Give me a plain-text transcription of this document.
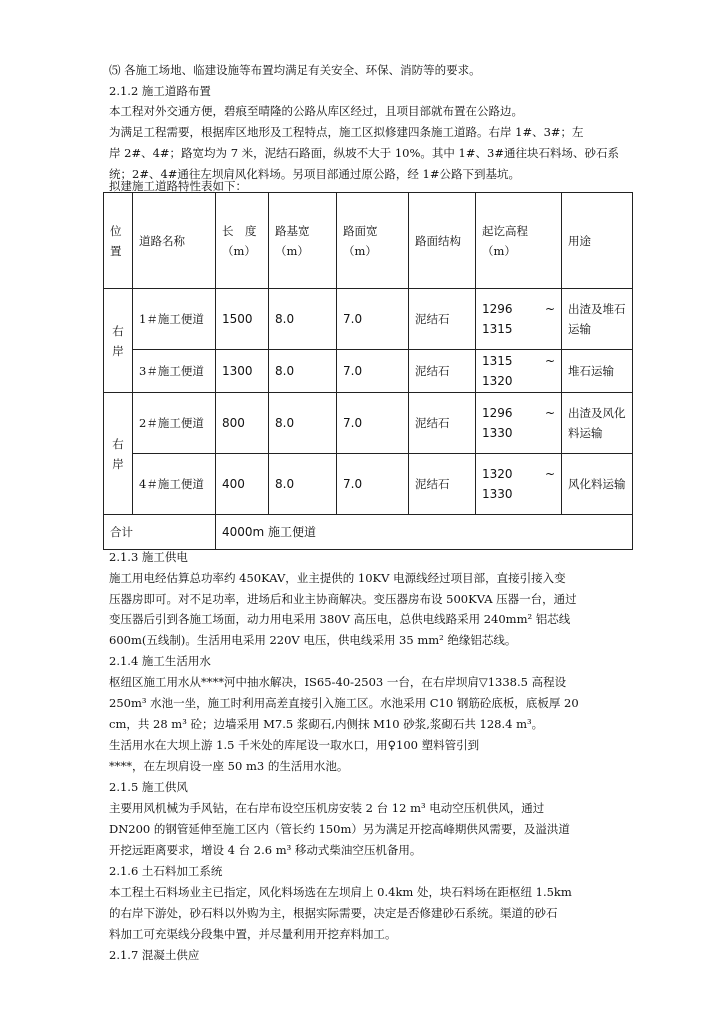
⑸ 各施工场地、临建设施等布置均满足有关安全、环保、消防等的要求。
2.1.2 施工道路布置
本工程对外交通方便，碧痕至晴隆的公路从库区经过，且项目部就布置在公路边。
为满足工程需要，根据库区地形及工程特点，施工区拟修建四条施工道路。右岸 1#、3#；左
岸 2#、4#；路宽均为 7 米，泥结石路面，纵坡不大于 10%。其中 1#、3#通往块石料场、砂石系
统；2#、4#通往左坝肩风化料场。另项目部通过原公路，经 1#公路下到基坑。
拟建施工道路特性表如下：
位置	道路名称	长　度（m）	路基宽（m）	路面宽（m）	路面结构	起讫高程（m）	用途
右岸	1＃施工便道	1500	8.0	7.0	泥结石	1296 ~
1315	出渣及堆石运输
	3＃施工便道	1300	8.0	7.0	泥结石	1315 ~
1320	堆石运输
右岸	2＃施工便道	800	8.0	7.0	泥结石	1296 ~
1330	出渣及风化料运输
	4＃施工便道	400	8.0	7.0	泥结石	1320 ~
1330	风化料运输
合计		4000m 施工便道					
2.1.3 施工供电
施工用电经估算总功率约 450KAV，业主提供的 10KV 电源线经过项目部，直接引接入变
压器房即可。对不足功率，进场后和业主协商解决。变压器房布设 500KVA 压器一台，通过
变压器后引到各施工场面，动力用电采用 380V 高压电，总供电线路采用 240mm² 铝芯线
600m(五线制)。生活用电采用 220V 电压，供电线采用 35 mm² 绝缘铝芯线。
2.1.4 施工生活用水
枢纽区施工用水从****河中抽水解决，IS65-40-2503 一台，在右岸坝肩▽1338.5 高程设
250m³ 水池一坐，施工时利用高差直接引入施工区。水池采用 C10 钢筋砼底板，底板厚 20
cm，共 28 m³ 砼；边墙采用 M7.5 浆砌石,内侧抹 M10 砂浆,浆砌石共 128.4 m³。
生活用水在大坝上游 1.5 千米处的库尾设一取水口，用♀100 塑料管引到
****，在左坝肩设一座 50 m3 的生活用水池。
2.1.5 施工供风
主要用风机械为手风钻，在右岸布设空压机房安装 2 台 12 m³ 电动空压机供风，通过
DN200 的钢管延伸至施工区内（管长约 150m）另为满足开挖高峰期供风需要，及溢洪道
开挖远距离要求，增设 4 台 2.6 m³ 移动式柴油空压机备用。
2.1.6 土石料加工系统
本工程土石料场业主已指定，风化料场选在左坝肩上 0.4km 处，块石料场在距枢纽 1.5km
的右岸下游处，砂石料以外购为主，根据实际需要，决定是否修建砂石系统。渠道的砂石
料加工可充渠线分段集中置，并尽量利用开挖弃料加工。
2.1.7 混凝土供应
